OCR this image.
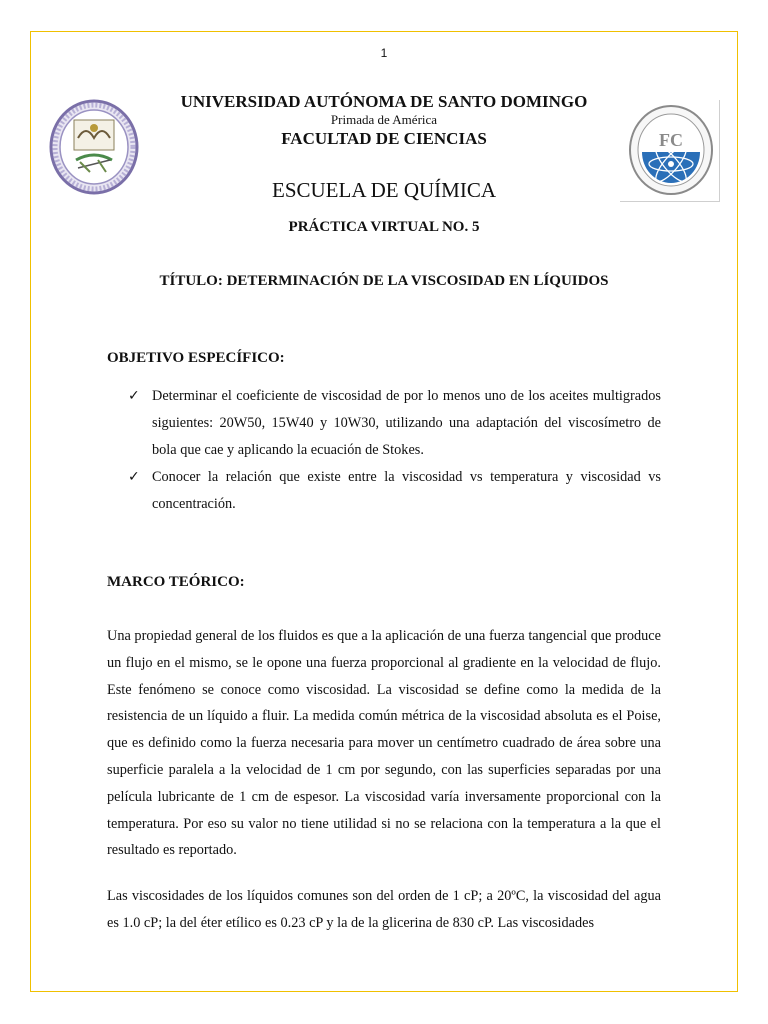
1
FC
UNIVERSIDAD AUTÓNOMA DE SANTO DOMINGO
Primada de América
FACULTAD DE CIENCIAS
ESCUELA DE QUÍMICA
PRÁCTICA VIRTUAL NO. 5
TÍTULO: DETERMINACIÓN DE LA VISCOSIDAD EN LÍQUIDOS
OBJETIVO ESPECÍFICO:
✓ Determinar el coeficiente de viscosidad de por lo menos uno de los aceites multigrados siguientes: 20W50, 15W40 y 10W30, utilizando una adaptación del viscosímetro de bola que cae y aplicando la ecuación de Stokes.
✓ Conocer la relación que existe entre la viscosidad vs temperatura y viscosidad vs concentración.
MARCO TEÓRICO:

Una propiedad general de los fluidos es que a la aplicación de una fuerza tangencial que produce un flujo en el mismo, se le opone una fuerza proporcional al gradiente en la velocidad de flujo. Este fenómeno se conoce como viscosidad. La viscosidad se define como la medida de la resistencia de un líquido a fluir. La medida común métrica de la viscosidad absoluta es el Poise, que es definido como la fuerza necesaria para mover un centímetro cuadrado de área sobre una superficie paralela a la velocidad de 1 cm por segundo, con las superficies separadas por una película lubricante de 1 cm de espesor. La viscosidad varía inversamente proporcional con la temperatura. Por eso su valor no tiene utilidad si no se relaciona con la temperatura a la que el resultado es reportado.

Las viscosidades de los líquidos comunes son del orden de 1 cP; a 20ºC, la viscosidad del agua es 1.0 cP; la del éter etílico es 0.23 cP y la de la glicerina de 830 cP. Las viscosidades
